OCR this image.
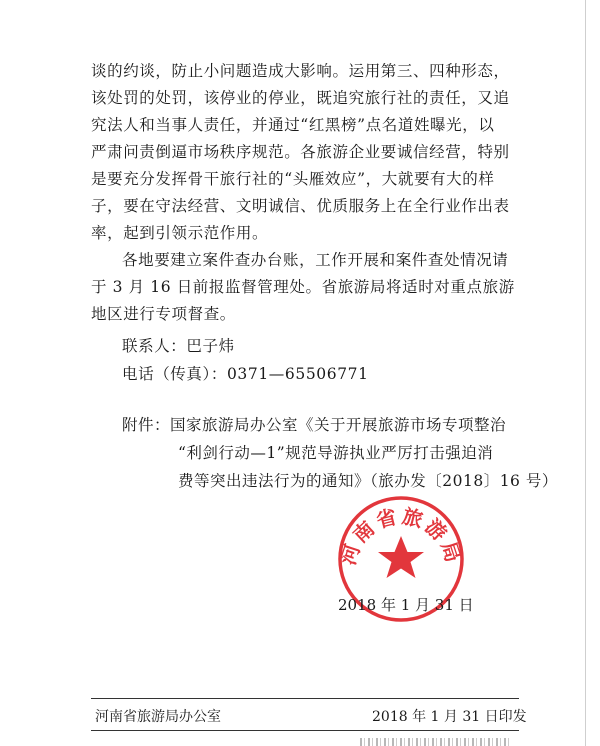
谈的约谈，防止小问题造成大影响。运用第三、四种形态，
该处罚的处罚，该停业的停业，既追究旅行社的责任，又追
究法人和当事人责任，并通过“红黑榜”点名道姓曝光，以
严肃问责倒逼市场秩序规范。各旅游企业要诚信经营，特别
是要充分发挥骨干旅行社的“头雁效应”，大就要有大的样
子，要在守法经营、文明诚信、优质服务上在全行业作出表
率，起到引领示范作用。
各地要建立案件查办台账，工作开展和案件查处情况请
于 3 月 16 日前报监督管理处。省旅游局将适时对重点旅游
地区进行专项督查。
联系人：巴子炜
电话（传真）：0371—65506771
附件：国家旅游局办公室《关于开展旅游市场专项整治
“利剑行动—1”规范导游执业严厉打击强迫消
费等突出违法行为的通知》（旅办发〔2018〕16 号）
河南省旅游局
2018 年 1 月 31 日
河南省旅游局办公室	2018 年 1 月 31 日印发
